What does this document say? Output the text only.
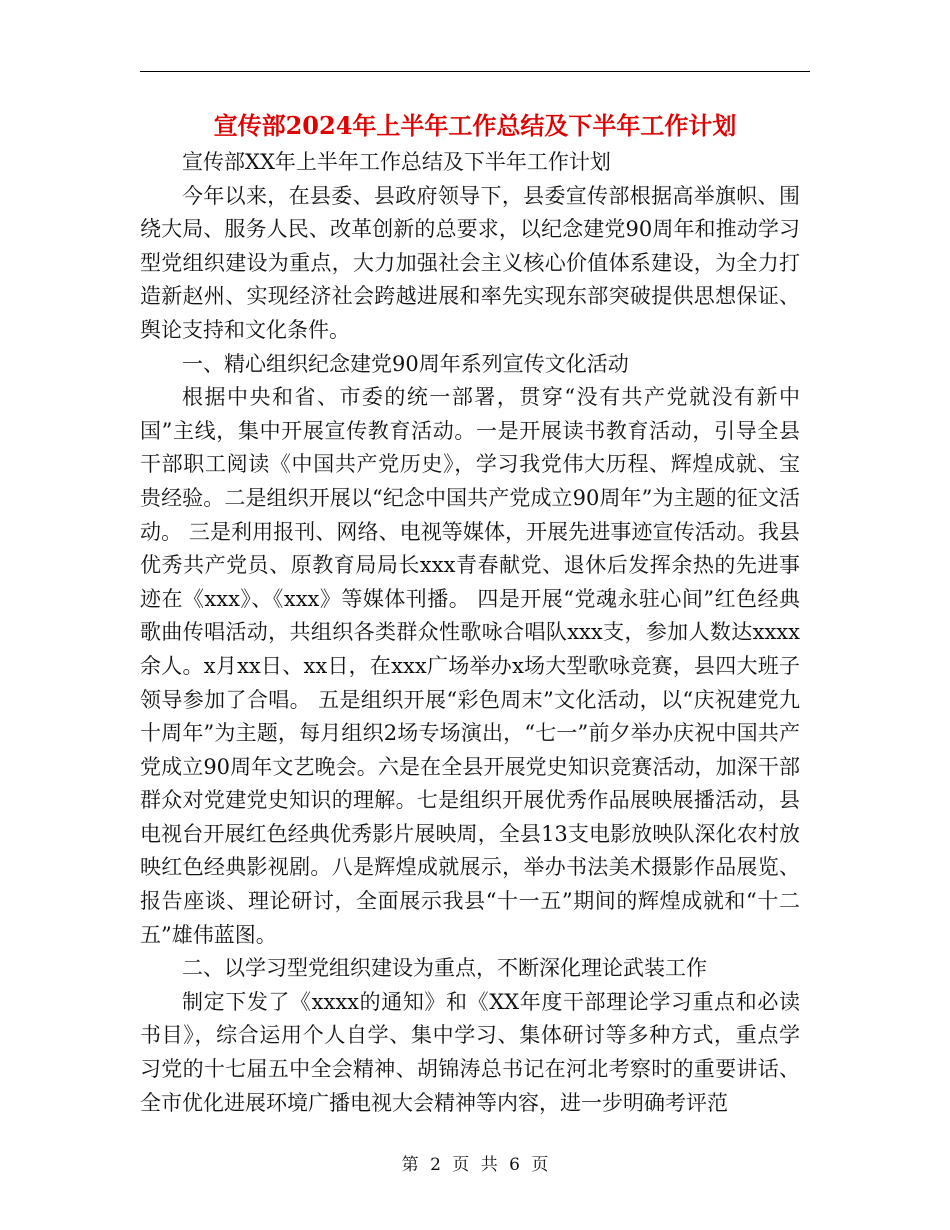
宣传部2024年上半年工作总结及下半年工作计划

宣传部XX年上半年工作总结及下半年工作计划

今年以来，在县委、县政府领导下，县委宣传部根据高举旗帜、围绕大局、服务人民、改革创新的总要求，以纪念建党90周年和推动学习型党组织建设为重点，大力加强社会主义核心价值体系建设，为全力打造新赵州、实现经济社会跨越进展和率先实现东部突破提供思想保证、舆论支持和文化条件。

一、精心组织纪念建党90周年系列宣传文化活动

根据中央和省、市委的统一部署，贯穿“没有共产党就没有新中国”主线，集中开展宣传教育活动。一是开展读书教育活动，引导全县干部职工阅读《中国共产党历史》，学习我党伟大历程、辉煌成就、宝贵经验。二是组织开展以“纪念中国共产党成立90周年”为主题的征文活动。 三是利用报刊、网络、电视等媒体，开展先进事迹宣传活动。我县优秀共产党员、原教育局局长xxx青春献党、退休后发挥余热的先进事迹在《xxx》、《xxx》等媒体刊播。 四是开展“党魂永驻心间”红色经典歌曲传唱活动，共组织各类群众性歌咏合唱队xxx支，参加人数达xxxx余人。x月xx日、xx日，在xxx广场举办x场大型歌咏竞赛，县四大班子领导参加了合唱。 五是组织开展“彩色周末”文化活动，以“庆祝建党九十周年”为主题，每月组织2场专场演出，“七一”前夕举办庆祝中国共产党成立90周年文艺晚会。六是在全县开展党史知识竞赛活动，加深干部群众对党建党史知识的理解。七是组织开展优秀作品展映展播活动，县电视台开展红色经典优秀影片展映周，全县13支电影放映队深化农村放映红色经典影视剧。八是辉煌成就展示，举办书法美术摄影作品展览、报告座谈、理论研讨，全面展示我县“十一五”期间的辉煌成就和“十二五”雄伟蓝图。

二、以学习型党组织建设为重点，不断深化理论武装工作

制定下发了《xxxx的通知》和《XX年度干部理论学习重点和必读书目》，综合运用个人自学、集中学习、集体研讨等多种方式，重点学习党的十七届五中全会精神、胡锦涛总书记在河北考察时的重要讲话、全市优化进展环境广播电视大会精神等内容，进一步明确考评范

第 2 页 共 6 页
